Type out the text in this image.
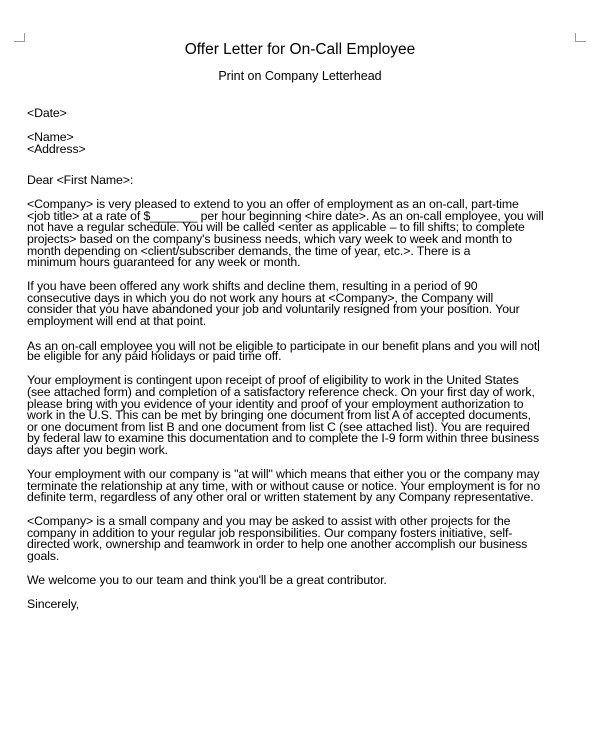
Offer Letter for On-Call Employee
Print on Company Letterhead
<Date>
<Name>
<Address>
Dear <First Name>:
<Company> is very pleased to extend to you an offer of employment as an on-call, part-time
<job title> at a rate of $_______ per hour beginning <hire date>. As an on-call employee, you will
not have a regular schedule. You will be called <enter as applicable – to fill shifts; to complete
projects> based on the company's business needs, which vary week to week and month to
month depending on <client/subscriber demands, the time of year, etc.>. There is a
minimum hours guaranteed for any week or month.
If you have been offered any work shifts and decline them, resulting in a period of 90
consecutive days in which you do not work any hours at <Company>, the Company will
consider that you have abandoned your job and voluntarily resigned from your position. Your
employment will end at that point.
As an on-call employee you will not be eligible to participate in our benefit plans and you will not
be eligible for any paid holidays or paid time off.
Your employment is contingent upon receipt of proof of eligibility to work in the United States
(see attached form) and completion of a satisfactory reference check. On your first day of work,
please bring with you evidence of your identity and proof of your employment authorization to
work in the U.S. This can be met by bringing one document from list A of accepted documents,
or one document from list B and one document from list C (see attached list). You are required
by federal law to examine this documentation and to complete the I-9 form within three business
days after you begin work.
Your employment with our company is "at will" which means that either you or the company may
terminate the relationship at any time, with or without cause or notice. Your employment is for no
definite term, regardless of any other oral or written statement by any Company representative.
<Company> is a small company and you may be asked to assist with other projects for the
company in addition to your regular job responsibilities. Our company fosters initiative, self-
directed work, ownership and teamwork in order to help one another accomplish our business
goals.
We welcome you to our team and think you'll be a great contributor.
Sincerely,
